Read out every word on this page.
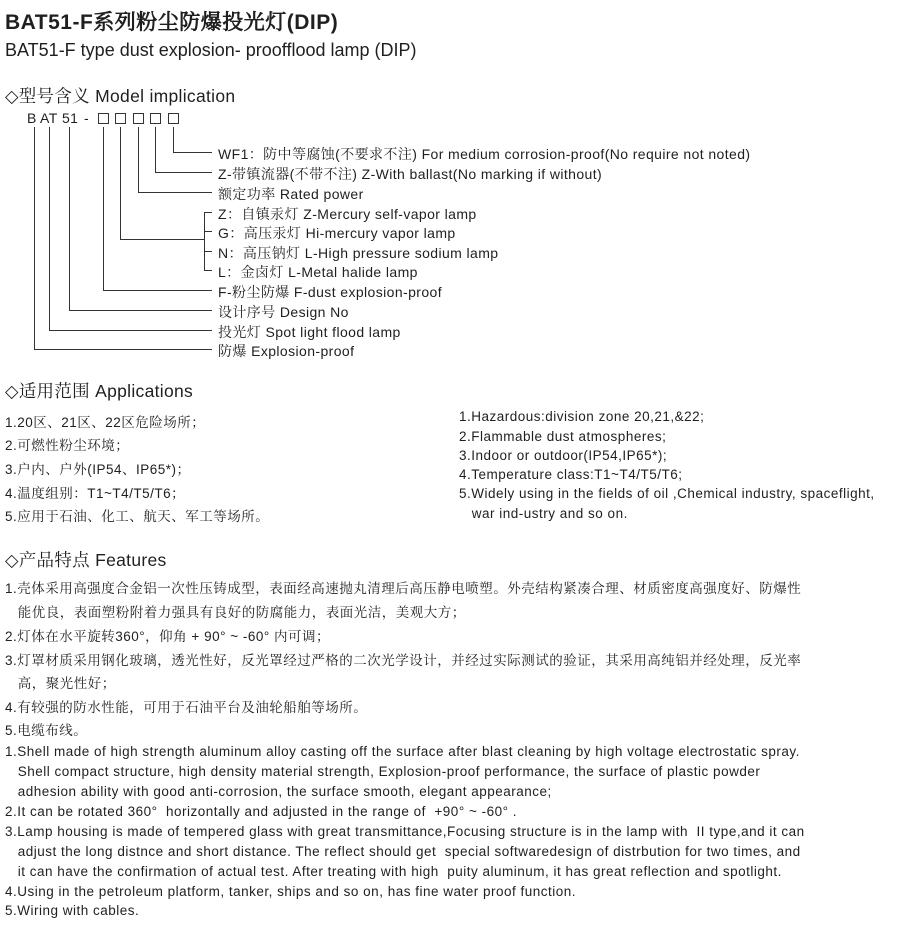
BAT51-F系列粉尘防爆投光灯(DIP)
BAT51-F type dust explosion- proofflood lamp (DIP)
◇型号含义 Model implication
B AT 51 -
WF1：防中等腐蚀(不要求不注) For medium corrosion-proof(No require not noted)
Z-带镇流器(不带不注) Z-With ballast(No marking if without)
额定功率 Rated power
Z：自镇汞灯 Z-Mercury self-vapor lamp
G：高压汞灯 Hi-mercury vapor lamp
N：高压钠灯 L-High pressure sodium lamp
L：金卤灯 L-Metal halide lamp
F-粉尘防爆 F-dust explosion-proof
设计序号 Design No
投光灯 Spot light flood lamp
防爆 Explosion-proof
◇适用范围 Applications
1.20区、21区、22区危险场所；
2.可燃性粉尘环境；
3.户内、户外(IP54、IP65*)；
4.温度组别：T1~T4/T5/T6；
5.应用于石油、化工、航天、军工等场所。
1.Hazardous:division zone 20,21,&22;
2.Flammable dust atmospheres;
3.Indoor or outdoor(IP54,IP65*);
4.Temperature class:T1~T4/T5/T6;
5.Widely using in the fields of oil ,Chemical industry, spaceflight,
war ind-ustry and so on.
◇产品特点 Features
1.壳体采用高强度合金铝一次性压铸成型，表面经高速抛丸清理后高压静电喷塑。外壳结构紧凑合理、材质密度高强度好、防爆性
能优良，表面塑粉附着力强具有良好的防腐能力，表面光洁，美观大方；
2.灯体在水平旋转360°，仰角 + 90° ~ -60° 内可调；
3.灯罩材质采用钢化玻璃，透光性好，反光罩经过严格的二次光学设计，并经过实际测试的验证，其采用高纯铝并经处理，反光率
高，聚光性好；
4.有较强的防水性能，可用于石油平台及油轮船舶等场所。
5.电缆布线。
1.Shell made of high strength aluminum alloy casting off the surface after blast cleaning by high voltage electrostatic spray.
Shell compact structure, high density material strength, Explosion-proof performance, the surface of plastic powder
adhesion ability with good anti-corrosion, the surface smooth, elegant appearance;
2.It can be rotated 360°  horizontally and adjusted in the range of  +90° ~ -60° .
3.Lamp housing is made of tempered glass with great transmittance,Focusing structure is in the lamp with  II type,and it can
adjust the long distnce and short distance. The reflect should get  special softwaredesign of distrbution for two times, and
it can have the confirmation of actual test. After treating with high  puity aluminum, it has great reflection and spotlight.
4.Using in the petroleum platform, tanker, ships and so on, has fine water proof function.
5.Wiring with cables.
